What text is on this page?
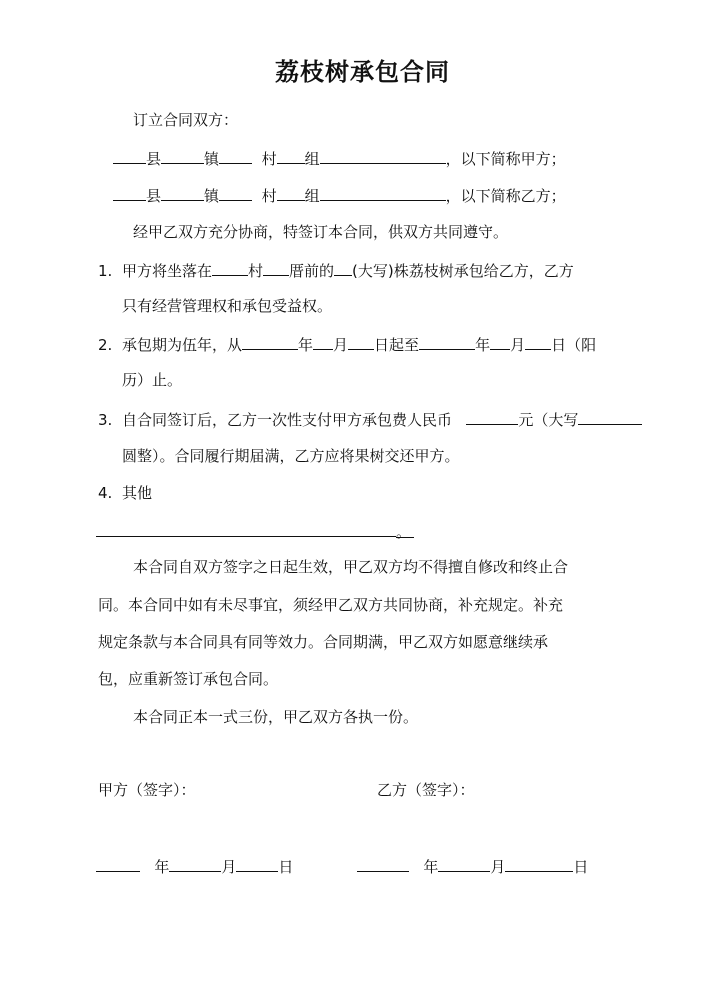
荔枝树承包合同
订立合同双方：
县	镇	村 组	，以下简称甲方；
县	镇	村 组	，以下简称乙方；
经甲乙双方充分协商，特签订本合同，供双方共同遵守。
1. 甲方将坐落在 村 厝前的 (大写)株荔枝树承包给乙方，乙方
只有经营管理权和承包受益权。
2. 承包期为伍年，从	年 月 日起至	年 月 日（阳
历）止。
3. 自合同签订后，乙方一次性支付甲方承包费人民币	元（大写
圆整）。合同履行期届满，乙方应将果树交还甲方。
4. 其他
。
本合同自双方签字之日起生效，甲乙双方均不得擅自修改和终止合
同。本合同中如有未尽事宜，须经甲乙双方共同协商，补充规定。补充
规定条款与本合同具有同等效力。合同期满，甲乙双方如愿意继续承
包，应重新签订承包合同。
本合同正本一式三份，甲乙双方各执一份。
甲方（签字）：	乙方（签字）：
年	月	日	年	月	日
